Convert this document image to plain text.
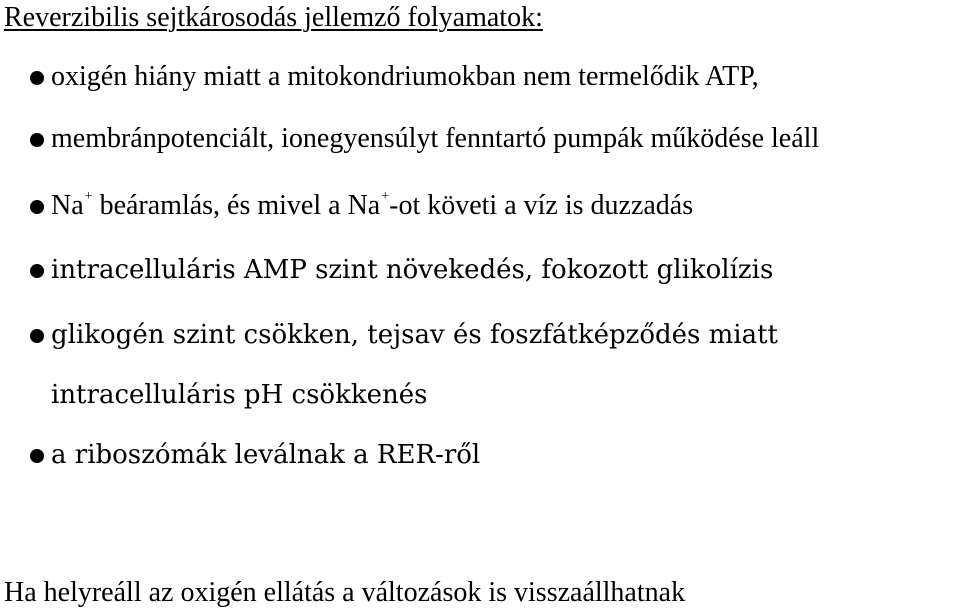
Reverzibilis sejtkárosodás jellemző folyamatok:
oxigén hiány miatt a mitokondriumokban nem termelődik ATP,
membránpotenciált, ionegyensúlyt fenntartó pumpák működése leáll
Na+ beáramlás, és mivel a Na+-ot követi a víz is duzzadás
intracelluláris AMP szint növekedés, fokozott glikolízis
glikogén szint csökken, tejsav és foszfátképződés miatt
intracelluláris pH csökkenés
a riboszómák leválnak a RER-ről
Ha helyreáll az oxigén ellátás a változások is visszaállhatnak
